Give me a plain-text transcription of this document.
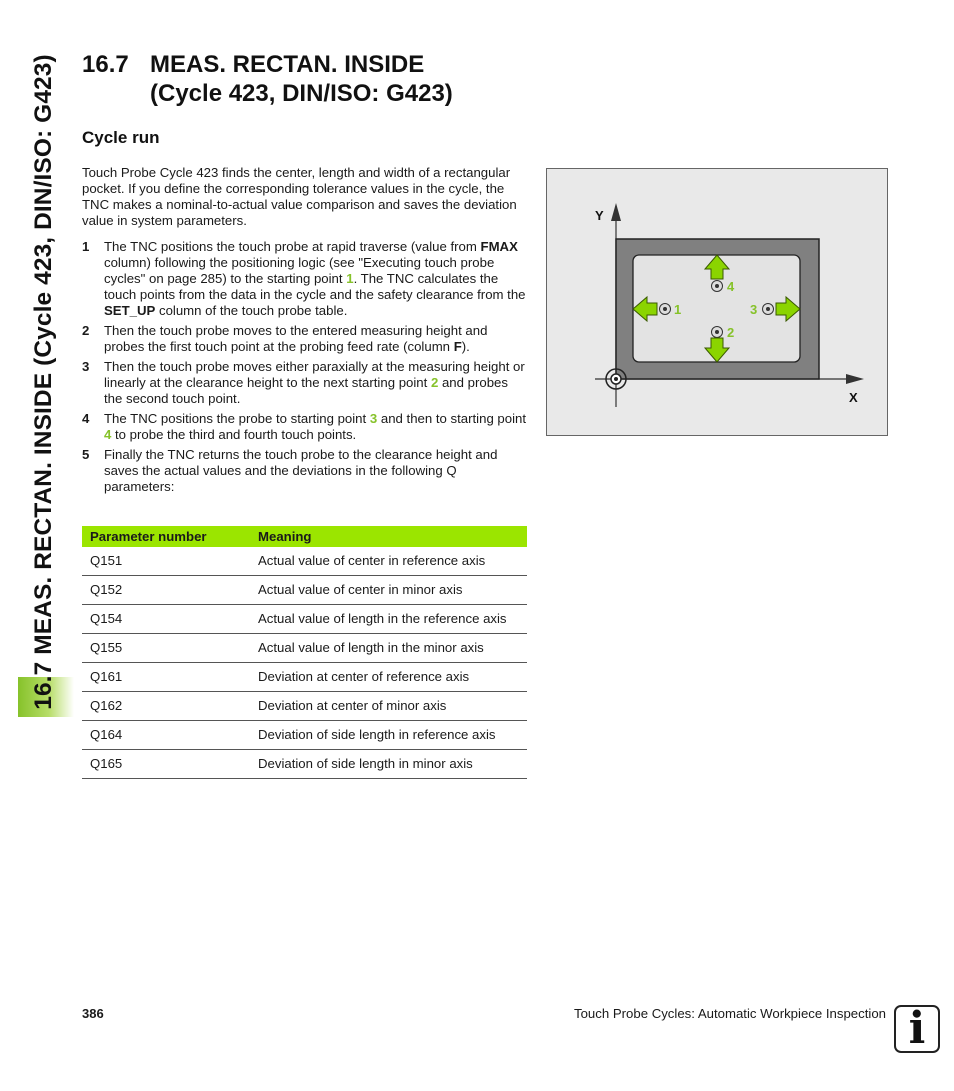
16.7 MEAS. RECTAN. INSIDE (Cycle 423, DIN/ISO: G423) 16.7 MEAS. RECTAN. INSIDE
(Cycle 423, DIN/ISO: G423)
Cycle run

Touch Probe Cycle 423 finds the center, length and width of a rectangular pocket. If you define the corresponding tolerance values in the cycle, the TNC makes a nominal-to-actual value comparison and saves the deviation value in system parameters.

1 The TNC positions the touch probe at rapid traverse (value from FMAX column) following the positioning logic (see "Executing touch probe cycles" on page 285) to the starting point 1. The TNC calculates the touch points from the data in the cycle and the safety clearance from the SET_UP column of the touch probe table.
2 Then the touch probe moves to the entered measuring height and probes the first touch point at the probing feed rate (column F).
3 Then the touch probe moves either paraxially at the measuring height or linearly at the clearance height to the next starting point 2 and probes the second touch point.
4 The TNC positions the probe to starting point 3 and then to starting point 4 to probe the third and fourth touch points.
5 Finally the TNC returns the touch probe to the clearance height and saves the actual values and the deviations in the following Q parameters:
Parameter number	Meaning
Q151	Actual value of center in reference axis
Q152	Actual value of center in minor axis
Q154	Actual value of length in the reference axis
Q155	Actual value of length in the minor axis
Q161	Deviation at center of reference axis
Q162	Deviation at center of minor axis
Q164	Deviation of side length in reference axis
Q165	Deviation of side length in minor axis
Y
X
1	3
4
2
386	Touch Probe Cycles: Automatic Workpiece Inspection i
